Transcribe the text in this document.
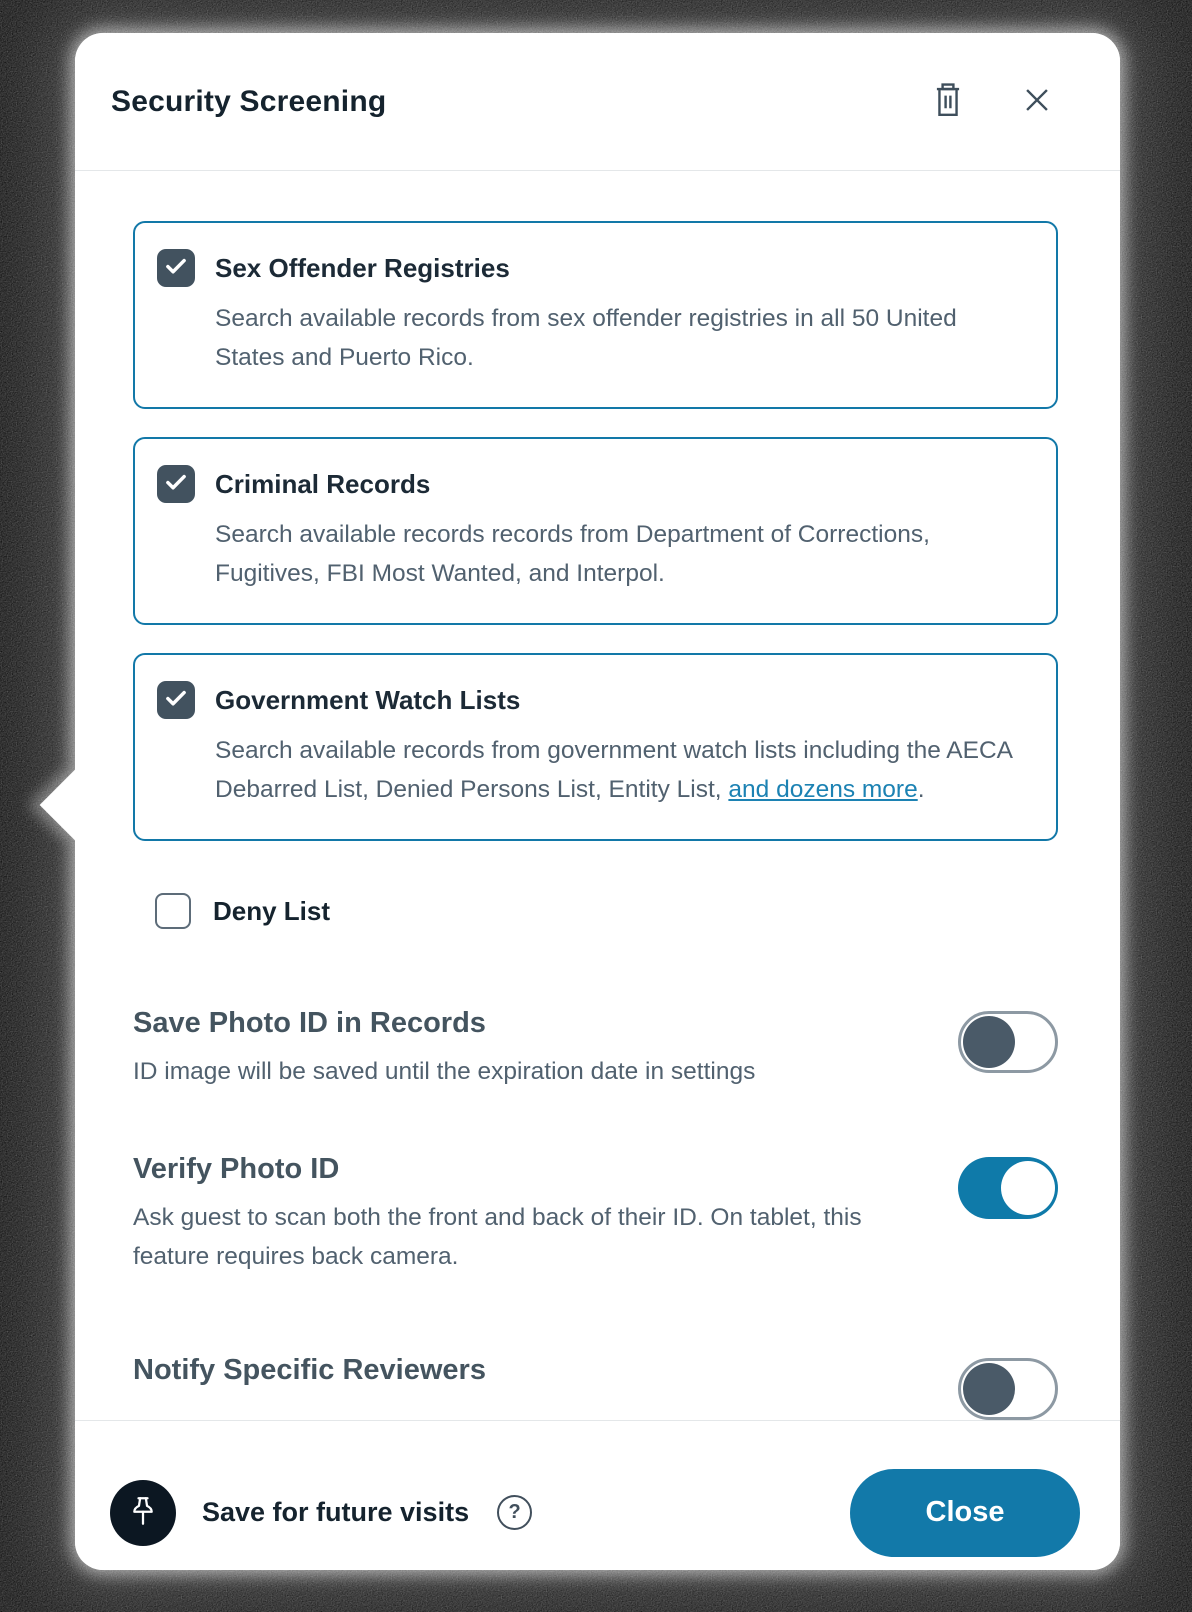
Security Screening
Sex Offender Registries
Search available records from sex offender registries in all 50 United States and Puerto Rico.
Criminal Records
Search available records records from Department of Corrections, Fugitives, FBI Most Wanted, and Interpol.
Government Watch Lists
Search available records from government watch lists including the AECA Debarred List, Denied Persons List, Entity List, and dozens more.
Deny List
Save Photo ID in Records
ID image will be saved until the expiration date in settings
Verify Photo ID
Ask guest to scan both the front and back of their ID. On tablet, this feature requires back camera.
Notify Specific Reviewers
Save for future visits	?	Close
